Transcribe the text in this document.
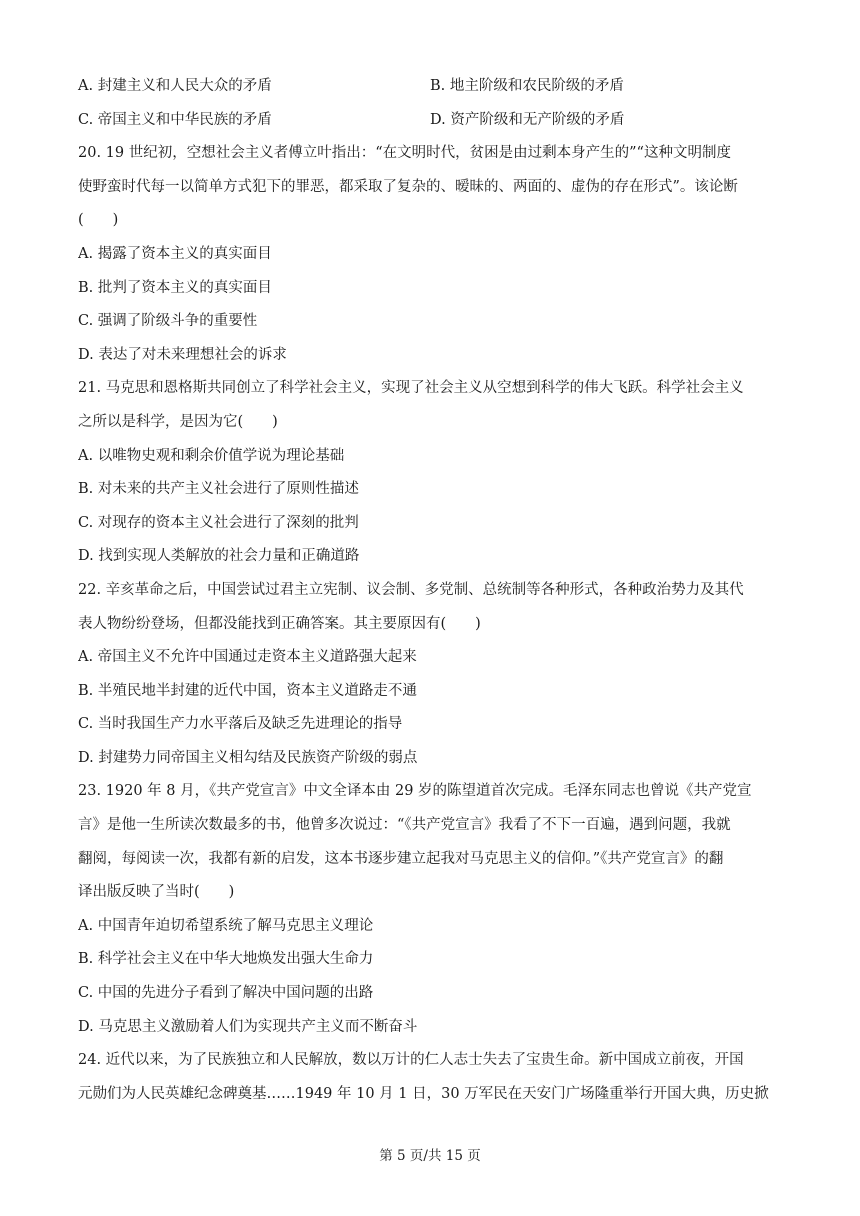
A. 封建主义和人民大众的矛盾	B. 地主阶级和农民阶级的矛盾
C. 帝国主义和中华民族的矛盾	D. 资产阶级和无产阶级的矛盾
20. 19 世纪初，空想社会主义者傅立叶指出：“在文明时代，贫困是由过剩本身产生的”“这种文明制度
使野蛮时代每一以简单方式犯下的罪恶，都采取了复杂的、暧昧的、两面的、虚伪的存在形式”。该论断
(　　)
A. 揭露了资本主义的真实面目
B. 批判了资本主义的真实面目
C. 强调了阶级斗争的重要性
D. 表达了对未来理想社会的诉求
21. 马克思和恩格斯共同创立了科学社会主义，实现了社会主义从空想到科学的伟大飞跃。科学社会主义
之所以是科学，是因为它(　　)
A. 以唯物史观和剩余价值学说为理论基础
B. 对未来的共产主义社会进行了原则性描述
C. 对现存的资本主义社会进行了深刻的批判
D. 找到实现人类解放的社会力量和正确道路
22. 辛亥革命之后，中国尝试过君主立宪制、议会制、多党制、总统制等各种形式，各种政治势力及其代
表人物纷纷登场，但都没能找到正确答案。其主要原因有(　　)
A. 帝国主义不允许中国通过走资本主义道路强大起来
B. 半殖民地半封建的近代中国，资本主义道路走不通
C. 当时我国生产力水平落后及缺乏先进理论的指导
D. 封建势力同帝国主义相勾结及民族资产阶级的弱点
23. 1920 年 8 月，《共产党宣言》中文全译本由 29 岁的陈望道首次完成。毛泽东同志也曾说《共产党宣
言》是他一生所读次数最多的书，他曾多次说过：“《共产党宣言》我看了不下一百遍，遇到问题，我就
翻阅，每阅读一次，我都有新的启发，这本书逐步建立起我对马克思主义的信仰。”《共产党宣言》的翻
译出版反映了当时(　　)
A. 中国青年迫切希望系统了解马克思主义理论
B. 科学社会主义在中华大地焕发出强大生命力
C. 中国的先进分子看到了解决中国问题的出路
D. 马克思主义激励着人们为实现共产主义而不断奋斗
24. 近代以来，为了民族独立和人民解放，数以万计的仁人志士失去了宝贵生命。新中国成立前夜，开国
元勋们为人民英雄纪念碑奠基……1949 年 10 月 1 日，30 万军民在天安门广场隆重举行开国大典，历史掀
第 5 页/共 15 页
